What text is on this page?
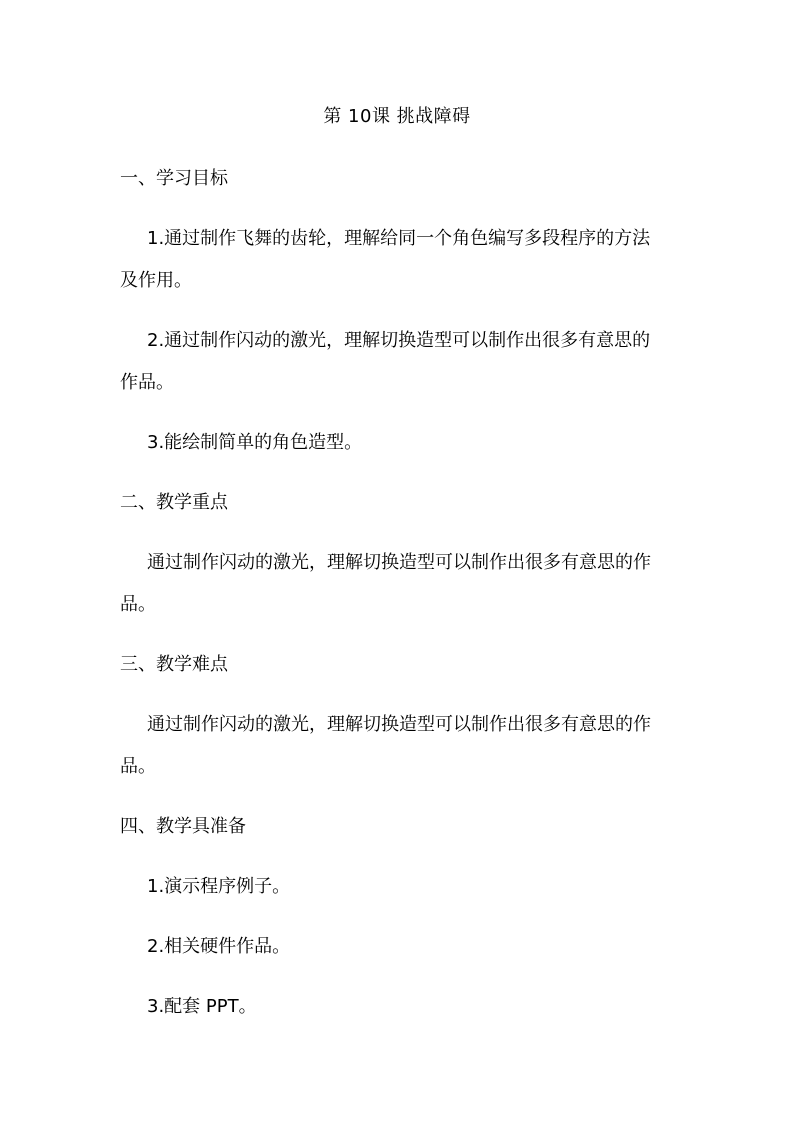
第 10课 挑战障碍
一、学习目标
1.通过制作飞舞的齿轮，理解给同一个角色编写多段程序的方法
及作用。
2.通过制作闪动的激光，理解切换造型可以制作出很多有意思的
作品。
3.能绘制简单的角色造型。
二、教学重点
通过制作闪动的激光，理解切换造型可以制作出很多有意思的作
品。
三、教学难点
通过制作闪动的激光，理解切换造型可以制作出很多有意思的作
品。
四、教学具准备
1.演示程序例子。
2.相关硬件作品。
3.配套 PPT。
